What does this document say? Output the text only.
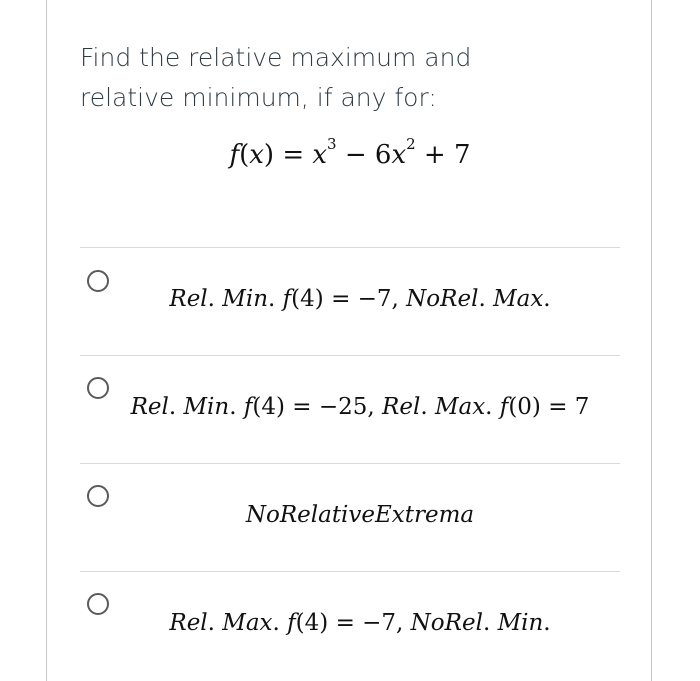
Find the relative maximum and relative minimum, if any for:
$f(x) = x^3 - 6x^2 + 7$
Rel. Min. f(4) = −7, NoRel. Max.
Rel. Min. f(4) = −25, Rel. Max. f(0) = 7
NoRelativeExtrema
Rel. Max. f(4) = −7, NoRel. Min.
